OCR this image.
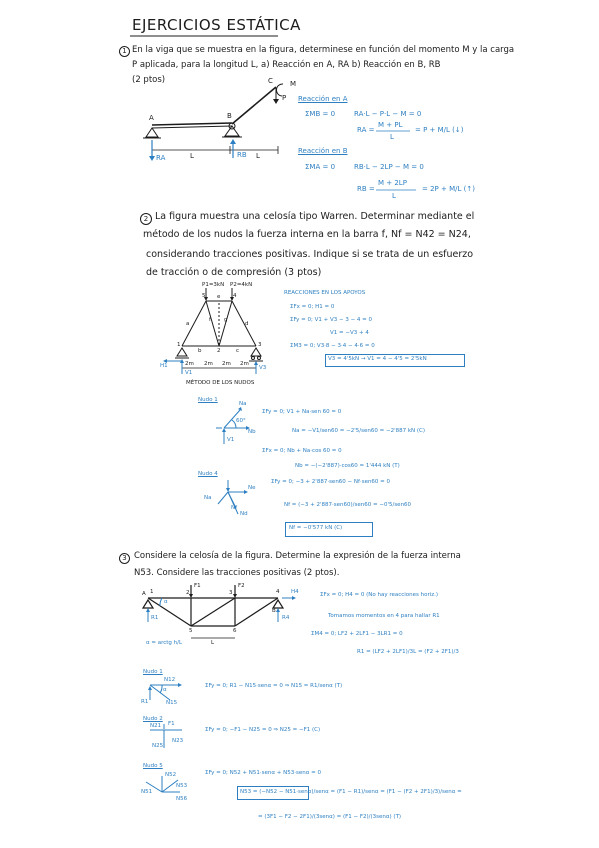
EJERCICIOS ESTÁTICA
1 En la viga que se muestra en la figura, determinese en función del momento M y la carga
P aplicada, para la longitud L, a) Reacción en A, RA b) Reacción en B, RB
(2 ptos)
A	B
C M
P
RA	RB
L	L
Reacción en A
ΣMB = 0	RA·L − P·L − M = 0
RA =
M + PL
L
= P + M/L (↓)
Reacción en B
ΣMA = 0	RB·L − 2LP − M = 0
RB =
M + 2LP
L
= 2P + M/L (↑)
2 La figura muestra una celosía tipo Warren. Determinar mediante el
método de los nudos la fuerza interna en la barra f, Nf = N42 = N24,
considerando tracciones positivas. Indique si se trata de un esfuerzo
de tracción o de compresión (3 ptos)
P1=3kN P2=4kN
e
f g
a	d
b	c
5	4
1
2
3
2m 2m 2m 2m
H1
V1
V3
MÉTODO DE LOS NUDOS
REACCIONES EN LOS APOYOS
ΣFx = 0; H1 = 0
ΣFy = 0; V1 + V3 − 3 − 4 = 0
V1 = −V3 + 4
ΣM3 = 0; V3·8 − 3·4 − 4·6 = 0
V3 = 4'5kN → V1 = 4 − 4'5 = 2'5kN
Nudo 1
Na
Nb
60°
V1
ΣFy = 0; V1 + Na·sen 60 = 0
Na = −V1/sen60 = −2'5/sen60 = −2'887 kN (C)
ΣFx = 0; Nb + Na·cos 60 = 0
Nb = −(−2'887)·cos60 = 1'444 kN (T)
Nudo 4
Ne
Nf
Nd
Na
ΣFy = 0; −3 + 2'887·sen60 − Nf·sen60 = 0
Nf = (−3 + 2'887·sen60)/sen60 = −0'5/sen60
Nf = −0'577 kN (C)
3 Considere la celosía de la figura. Determine la expresión de la fuerza interna
N53. Considere las tracciones positivas (2 ptos).
A
B
F1	F2
H4
R4
R1
1	2	3	4
5	6
α
α = arctg h/L	L
ΣFx = 0; H4 = 0 (No hay reacciones horiz.)
Tomamos momentos en 4 para hallar R1
ΣM4 = 0; LF2 + 2LF1 − 3LR1 = 0
R1 = (LF2 + 2LF1)/3L = (F2 + 2F1)/3
Nudo 1
N12
N15
R1
α
ΣFy = 0; R1 − N15·senα = 0 ⇒ N15 = R1/senα (T)
Nudo 2
N21 F1
N23
N25
ΣFy = 0; −F1 − N25 = 0 ⇒ N25 = −F1 (C)
Nudo 5
N52
N51
N53
N56
ΣFy = 0; N52 + N51·senα + N53·senα = 0
N53 = (−N52 − N51·senα)/senα = (F1 − R1)/senα = (F1 − (F2 + 2F1)/3)/senα =
= (3F1 − F2 − 2F1)/(3senα) = (F1 − F2)/(3senα) (T)
